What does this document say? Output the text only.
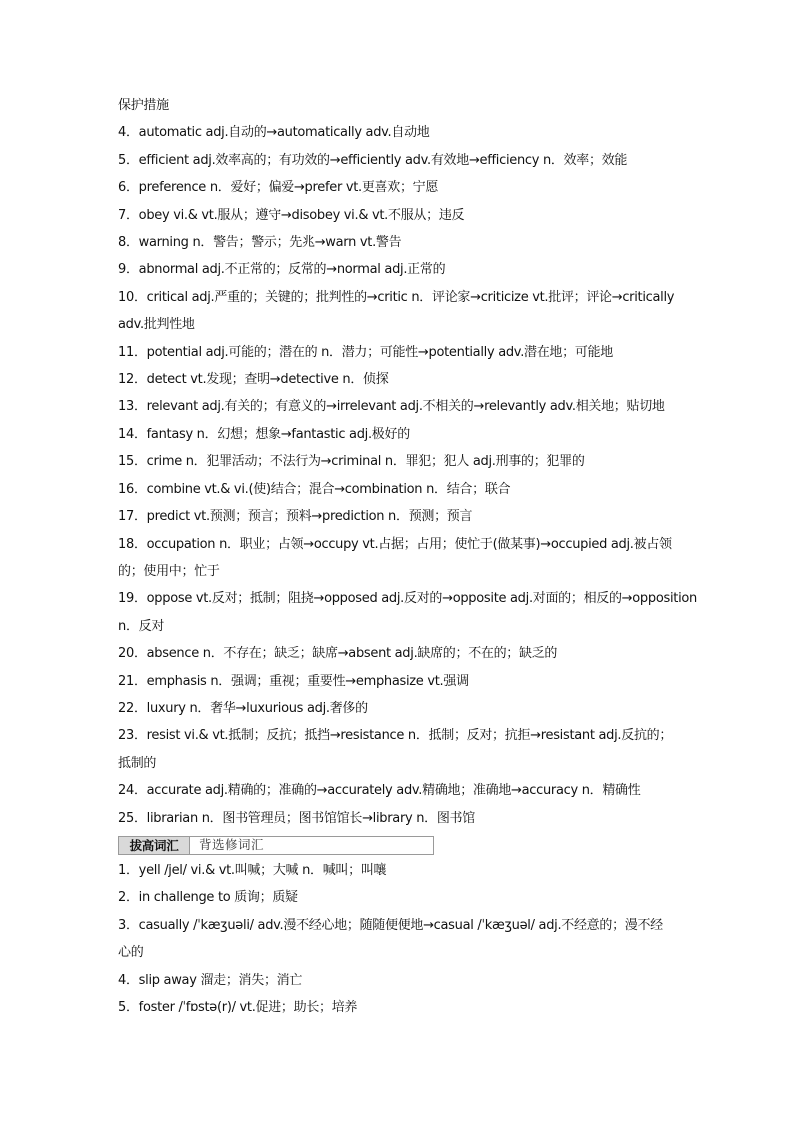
保护措施
4．automatic adj.自动的→automatically adv.自动地
5．efficient adj.效率高的；有功效的→efficiently adv.有效地→efficiency n．效率；效能
6．preference n．爱好；偏爱→prefer vt.更喜欢；宁愿
7．obey vi.& vt.服从；遵守→disobey vi.& vt.不服从；违反
8．warning n．警告；警示；先兆→warn vt.警告
9．abnormal adj.不正常的；反常的→normal adj.正常的
10．critical adj.严重的；关键的；批判性的→critic n．评论家→criticize vt.批评；评论→critically
adv.批判性地
11．potential adj.可能的；潜在的 n．潜力；可能性→potentially adv.潜在地；可能地
12．detect vt.发现；查明→detective n．侦探
13．relevant adj.有关的；有意义的→irrelevant adj.不相关的→relevantly adv.相关地；贴切地
14．fantasy n．幻想；想象→fantastic adj.极好的
15．crime n．犯罪活动；不法行为→criminal n．罪犯；犯人 adj.刑事的；犯罪的
16．combine vt.& vi.(使)结合；混合→combination n．结合；联合
17．predict vt.预测；预言；预料→prediction n．预测；预言
18．occupation n．职业；占领→occupy vt.占据；占用；使忙于(做某事)→occupied adj.被占领
的；使用中；忙于
19．oppose vt.反对；抵制；阻挠→opposed adj.反对的→opposite adj.对面的；相反的→opposition
n．反对
20．absence n．不存在；缺乏；缺席→absent adj.缺席的；不在的；缺乏的
21．emphasis n．强调；重视；重要性→emphasize vt.强调
22．luxury n．奢华→luxurious adj.奢侈的
23．resist vi.& vt.抵制；反抗；抵挡→resistance n．抵制；反对；抗拒→resistant adj.反抗的；
抵制的
24．accurate adj.精确的；准确的→accurately adv.精确地；准确地→accuracy n．精确性
25．librarian n．图书管理员；图书馆馆长→library n．图书馆
拔高词汇	背选修词汇
1．yell /jel/ vi.& vt.叫喊；大喊 n．喊叫；叫嚷
2．in challenge to 质询；质疑
3．casually /ˈkæʒuəli/ adv.漫不经心地；随随便便地→casual /ˈkæʒuəl/ adj.不经意的；漫不经
心的
4．slip away 溜走；消失；消亡
5．foster /ˈfɒstə(r)/ vt.促进；助长；培养
